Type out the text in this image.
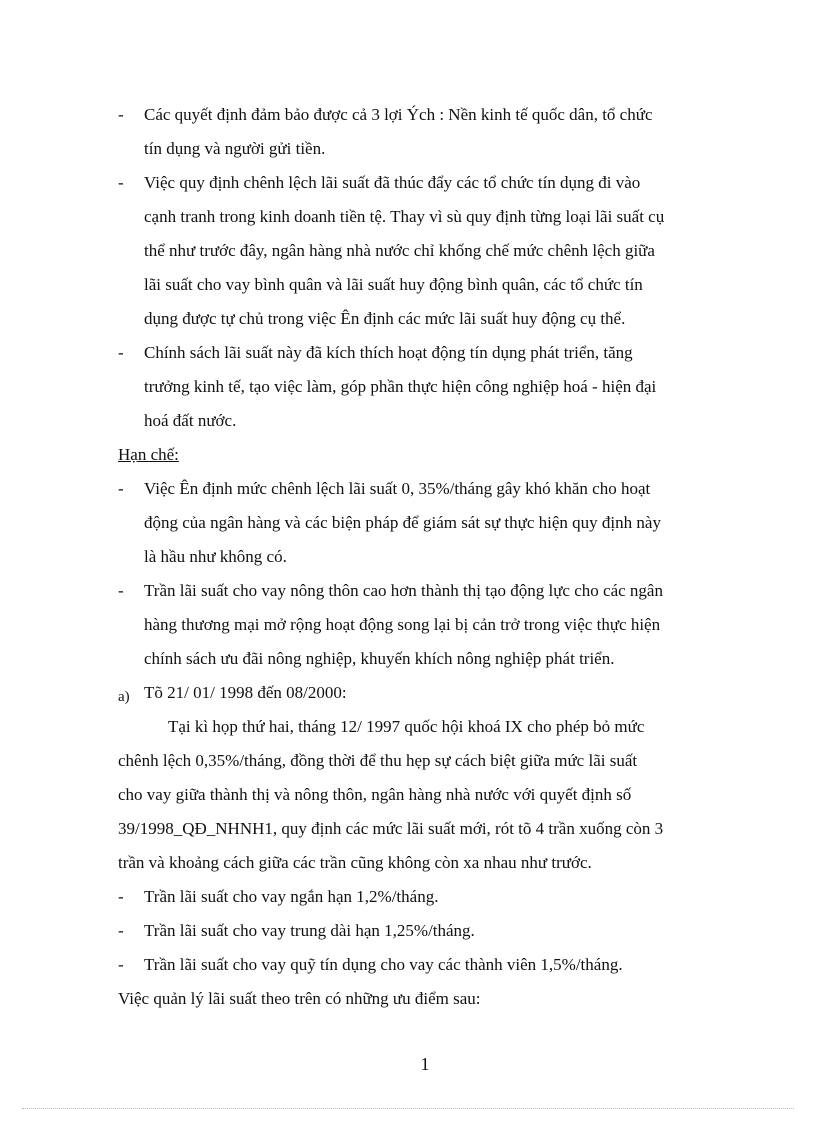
- Các quyết định đảm bảo được cả 3 lợi Ých : Nền kinh tế quốc dân, tổ chức
tín dụng và người gửi tiền.
- Việc quy định chênh lệch lãi suất đã thúc đẩy các tổ chức tín dụng đi vào
cạnh tranh trong kinh doanh tiền tệ. Thay vì sù quy định từng loại lãi suất cụ
thể như trước đây, ngân hàng nhà nước chỉ khống chế mức chênh lệch giữa
lãi suất cho vay bình quân và lãi suất huy động bình quân, các tổ chức tín
dụng được tự chủ trong việc Ên định các mức lãi suất huy động cụ thể.
- Chính sách lãi suất này đã kích thích hoạt động tín dụng phát triển, tăng
trưởng kinh tế, tạo việc làm, góp phần thực hiện công nghiệp hoá - hiện đại
hoá đất nước.
Hạn chế:
- Việc Ên định mức chênh lệch lãi suất 0, 35%/tháng gây khó khăn cho hoạt
động của ngân hàng và các biện pháp để giám sát sự thực hiện quy định này
là hầu như không có.
- Trần lãi suất cho vay nông thôn cao hơn thành thị tạo động lực cho các ngân
hàng thương mại mở rộng hoạt động song lại bị cản trở trong việc thực hiện
chính sách ưu đãi nông nghiệp, khuyến khích nông nghiệp phát triển.
a) Tõ 21/ 01/ 1998 đến 08/2000:
Tại kì họp thứ hai, tháng 12/ 1997 quốc hội khoá IX cho phép bỏ mức
chênh lệch 0,35%/tháng, đồng thời để thu hẹp sự cách biệt giữa mức lãi suất
cho vay giữa thành thị và nông thôn, ngân hàng nhà nước với quyết định số
39/1998_QĐ_NHNH1, quy định các mức lãi suất mới, rót tõ 4 trần xuống còn 3
trần và khoảng cách giữa các trần cũng không còn xa nhau như trước.
- Trần lãi suất cho vay ngắn hạn 1,2%/tháng.
- Trần lãi suất cho vay trung dài hạn 1,25%/tháng.
- Trần lãi suất cho vay quỹ tín dụng cho vay các thành viên 1,5%/tháng.
Việc quản lý lãi suất theo trên có những ưu điểm sau:
1
